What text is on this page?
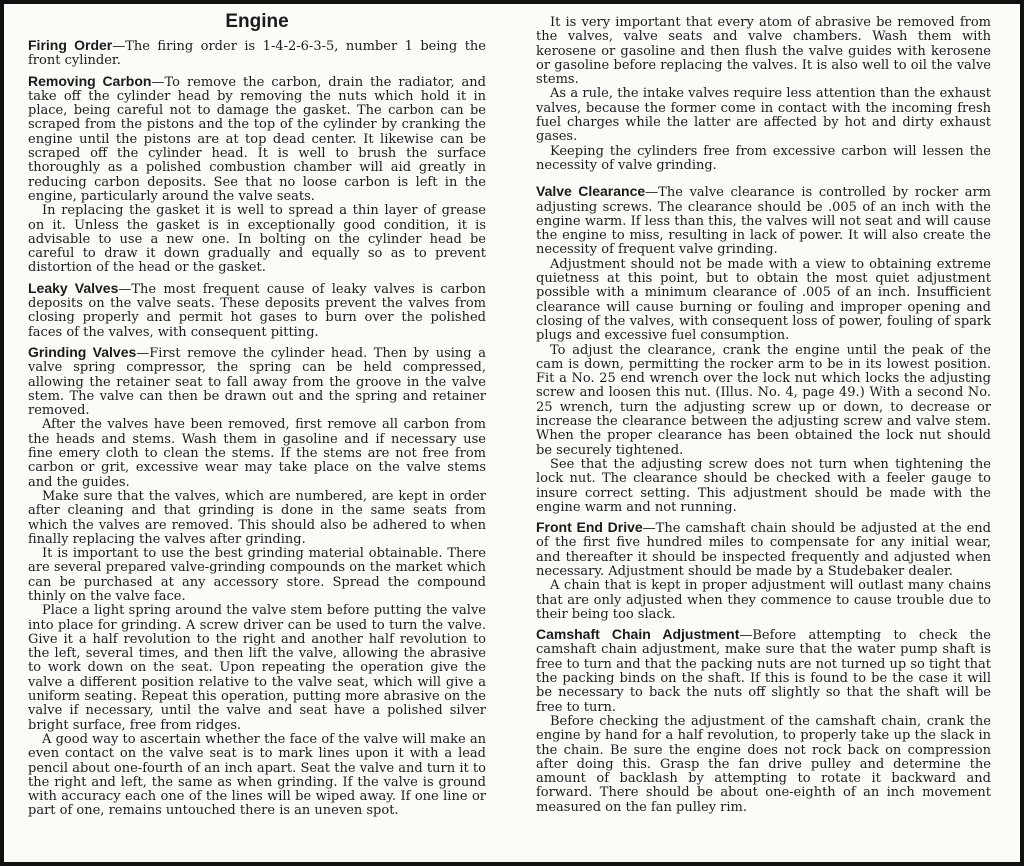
Engine

Firing Order—The firing order is 1-4-2-6-3-5, number 1 being the front cylinder.

Removing Carbon—To remove the carbon, drain the radiator, and take off the cylinder head by removing the nuts which hold it in place, being careful not to damage the gasket. The carbon can be scraped from the pistons and the top of the cylinder by cranking the engine until the pistons are at top dead center. It likewise can be scraped off the cylinder head. It is well to brush the surface thoroughly as a polished combustion chamber will aid greatly in reducing carbon deposits. See that no loose carbon is left in the engine, particularly around the valve seats.

In replacing the gasket it is well to spread a thin layer of grease on it. Unless the gasket is in exceptionally good condition, it is advisable to use a new one. In bolting on the cylinder head be careful to draw it down gradually and equally so as to prevent distortion of the head or the gasket.

Leaky Valves—The most frequent cause of leaky valves is carbon deposits on the valve seats. These deposits prevent the valves from closing properly and permit hot gases to burn over the polished faces of the valves, with consequent pitting.

Grinding Valves—First remove the cylinder head. Then by using a valve spring compressor, the spring can be held compressed, allowing the retainer seat to fall away from the groove in the valve stem. The valve can then be drawn out and the spring and retainer removed.

After the valves have been removed, first remove all carbon from the heads and stems. Wash them in gasoline and if necessary use fine emery cloth to clean the stems. If the stems are not free from carbon or grit, excessive wear may take place on the valve stems and the guides.

Make sure that the valves, which are numbered, are kept in order after cleaning and that grinding is done in the same seats from which the valves are removed. This should also be adhered to when finally replacing the valves after grinding.

It is important to use the best grinding material obtainable. There are several prepared valve-grinding compounds on the market which can be purchased at any accessory store. Spread the compound thinly on the valve face.

Place a light spring around the valve stem before putting the valve into place for grinding. A screw driver can be used to turn the valve. Give it a half revolution to the right and another half revolution to the left, several times, and then lift the valve, allowing the abrasive to work down on the seat. Upon repeating the operation give the valve a different position relative to the valve seat, which will give a uniform seating. Repeat this operation, putting more abrasive on the valve if necessary, until the valve and seat have a polished silver bright surface, free from ridges.

A good way to ascertain whether the face of the valve will make an even contact on the valve seat is to mark lines upon it with a lead pencil about one-fourth of an inch apart. Seat the valve and turn it to the right and left, the same as when grinding. If the valve is ground with accuracy each one of the lines will be wiped away. If one line or part of one, remains untouched there is an uneven spot.

It is very important that every atom of abrasive be removed from the valves, valve seats and valve chambers. Wash them with kerosene or gasoline and then flush the valve guides with kerosene or gasoline before replacing the valves. It is also well to oil the valve stems.

As a rule, the intake valves require less attention than the exhaust valves, because the former come in contact with the incoming fresh fuel charges while the latter are affected by hot and dirty exhaust gases.

Keeping the cylinders free from excessive carbon will lessen the necessity of valve grinding.

Valve Clearance—The valve clearance is controlled by rocker arm adjusting screws. The clearance should be .005 of an inch with the engine warm. If less than this, the valves will not seat and will cause the engine to miss, resulting in lack of power. It will also create the necessity of frequent valve grinding.

Adjustment should not be made with a view to obtaining extreme quietness at this point, but to obtain the most quiet adjustment possible with a minimum clearance of .005 of an inch. Insufficient clearance will cause burning or fouling and improper opening and closing of the valves, with consequent loss of power, fouling of spark plugs and excessive fuel consumption.

To adjust the clearance, crank the engine until the peak of the cam is down, permitting the rocker arm to be in its lowest position. Fit a No. 25 end wrench over the lock nut which locks the adjusting screw and loosen this nut. (Illus. No. 4, page 49.) With a second No. 25 wrench, turn the adjusting screw up or down, to decrease or increase the clearance between the adjusting screw and valve stem. When the proper clearance has been obtained the lock nut should be securely tightened.

See that the adjusting screw does not turn when tightening the lock nut. The clearance should be checked with a feeler gauge to insure correct setting. This adjustment should be made with the engine warm and not running.

Front End Drive—The camshaft chain should be adjusted at the end of the first five hundred miles to compensate for any initial wear, and thereafter it should be inspected frequently and adjusted when necessary. Adjustment should be made by a Studebaker dealer.

A chain that is kept in proper adjustment will outlast many chains that are only adjusted when they commence to cause trouble due to their being too slack.

Camshaft Chain Adjustment—Before attempting to check the camshaft chain adjustment, make sure that the water pump shaft is free to turn and that the packing nuts are not turned up so tight that the packing binds on the shaft. If this is found to be the case it will be necessary to back the nuts off slightly so that the shaft will be free to turn.

Before checking the adjustment of the camshaft chain, crank the engine by hand for a half revolution, to properly take up the slack in the chain. Be sure the engine does not rock back on compression after doing this. Grasp the fan drive pulley and determine the amount of backlash by attempting to rotate it backward and forward. There should be about one-eighth of an inch movement measured on the fan pulley rim.
